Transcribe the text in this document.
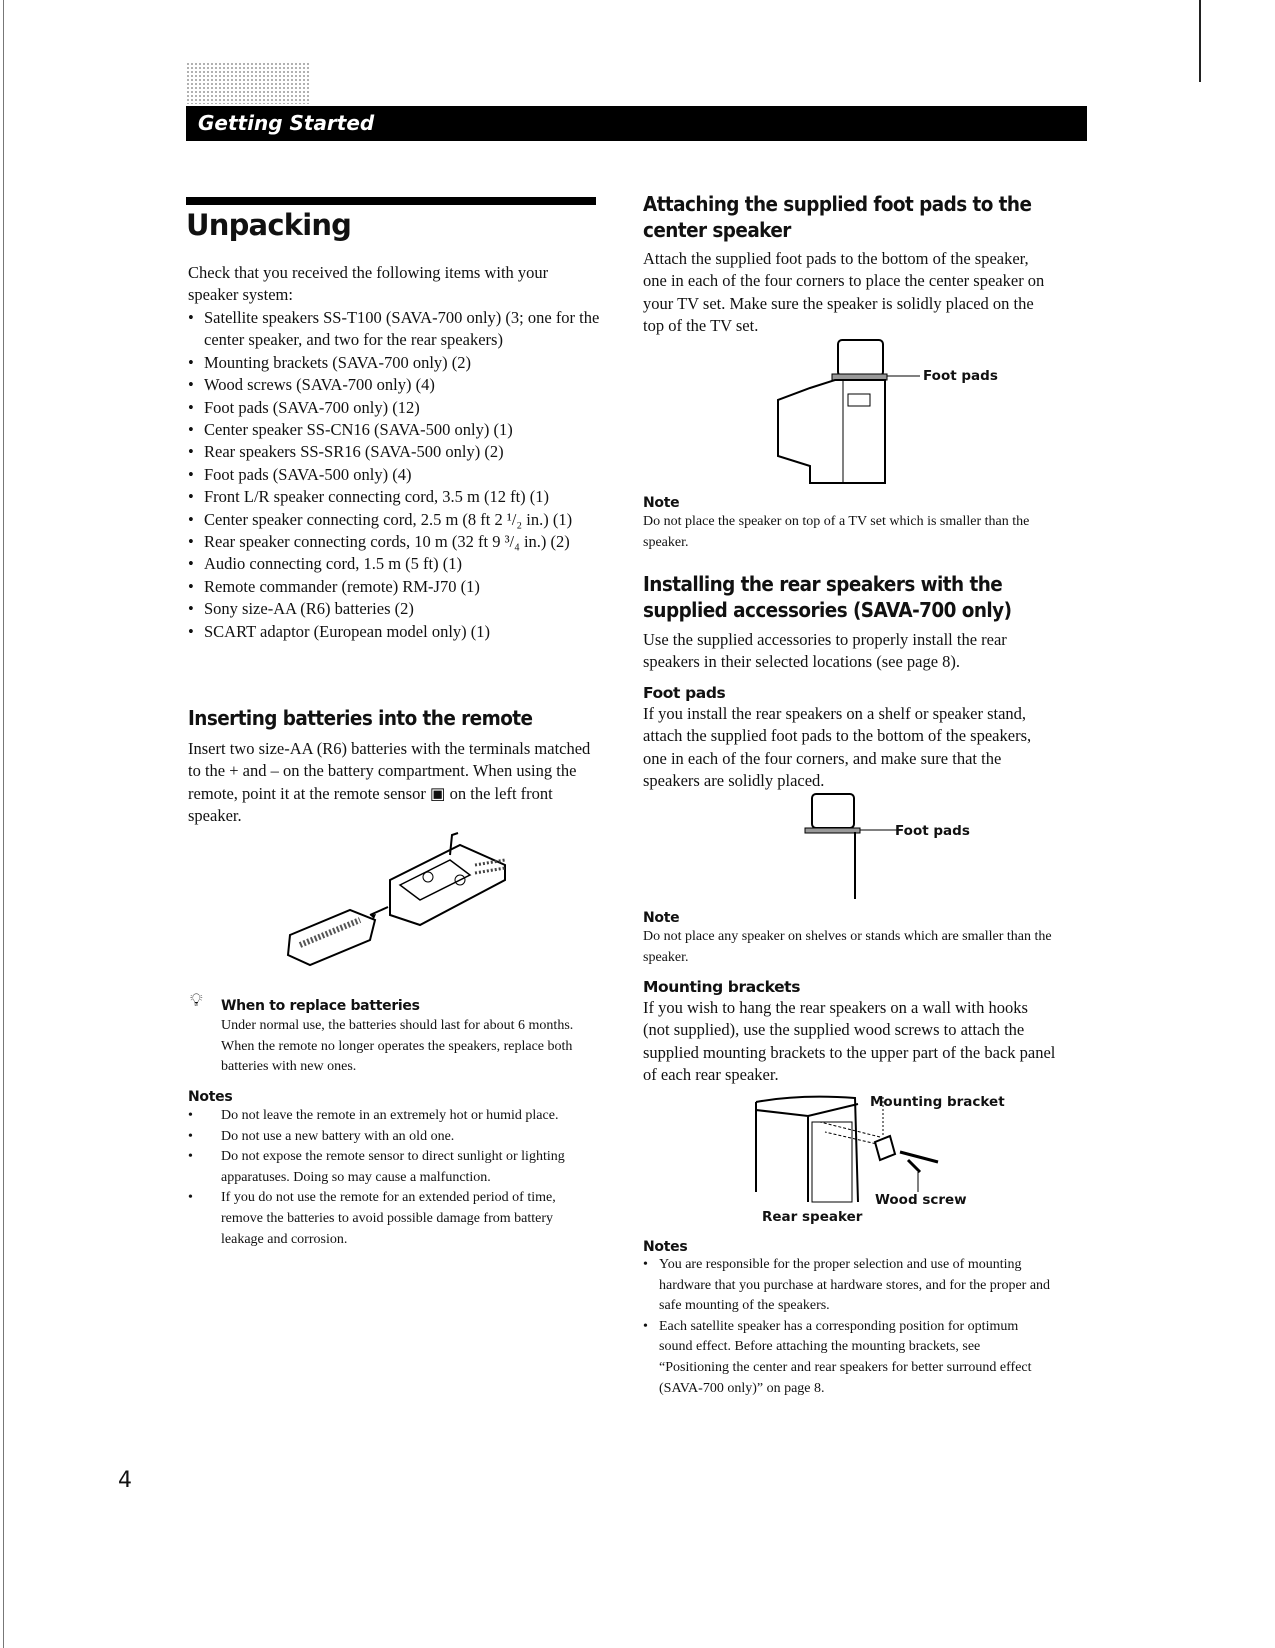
Getting Started
Unpacking
Check that you received the following items with your speaker system:
• Satellite speakers SS-T100 (SAVA-700 only) (3; one for the center speaker, and two for the rear speakers)
• Mounting brackets (SAVA-700 only) (2)
• Wood screws (SAVA-700 only) (4)
• Foot pads (SAVA-700 only) (12)
• Center speaker SS-CN16 (SAVA-500 only) (1)
• Rear speakers SS-SR16 (SAVA-500 only) (2)
• Foot pads (SAVA-500 only) (4)
• Front L/R speaker connecting cord, 3.5 m (12 ft) (1)
• Center speaker connecting cord, 2.5 m (8 ft 2 ¹/₂ in.) (1)
• Rear speaker connecting cords, 10 m (32 ft 9 ³/₄ in.) (2)
• Audio connecting cord, 1.5 m (5 ft) (1)
• Remote commander (remote) RM-J70 (1)
• Sony size-AA (R6) batteries (2)
• SCART adaptor (European model only) (1)
Inserting batteries into the remote
Insert two size-AA (R6) batteries with the terminals matched to the + and – on the battery compartment. When using the remote, point it at the remote sensor ▣ on the left front speaker.
💡︎ When to replace batteries
Under normal use, the batteries should last for about 6 months. When the remote no longer operates the speakers, replace both batteries with new ones.
Notes
• Do not leave the remote in an extremely hot or humid place.
• Do not use a new battery with an old one.
• Do not expose the remote sensor to direct sunlight or lighting apparatuses. Doing so may cause a malfunction.
• If you do not use the remote for an extended period of time, remove the batteries to avoid possible damage from battery leakage and corrosion.
Attaching the supplied foot pads to the center speaker
Attach the supplied foot pads to the bottom of the speaker, one in each of the four corners to place the center speaker on your TV set. Make sure the speaker is solidly placed on the top of the TV set.
Foot pads
Note
Do not place the speaker on top of a TV set which is smaller than the speaker.
Installing the rear speakers with the supplied accessories (SAVA-700 only)
Use the supplied accessories to properly install the rear speakers in their selected locations (see page 8).
Foot pads
If you install the rear speakers on a shelf or speaker stand, attach the supplied foot pads to the bottom of the speakers, one in each of the four corners, and make sure that the speakers are solidly placed.
Foot pads
Note
Do not place any speaker on shelves or stands which are smaller than the speaker.
Mounting brackets
If you wish to hang the rear speakers on a wall with hooks (not supplied), use the supplied wood screws to attach the supplied mounting brackets to the upper part of the back panel of each rear speaker.
Mounting bracket
Wood screw
Rear speaker
Notes
• You are responsible for the proper selection and use of mounting hardware that you purchase at hardware stores, and for the proper and safe mounting of the speakers.
• Each satellite speaker has a corresponding position for optimum sound effect. Before attaching the mounting brackets, see “Positioning the center and rear speakers for better surround effect (SAVA-700 only)” on page 8.
4
